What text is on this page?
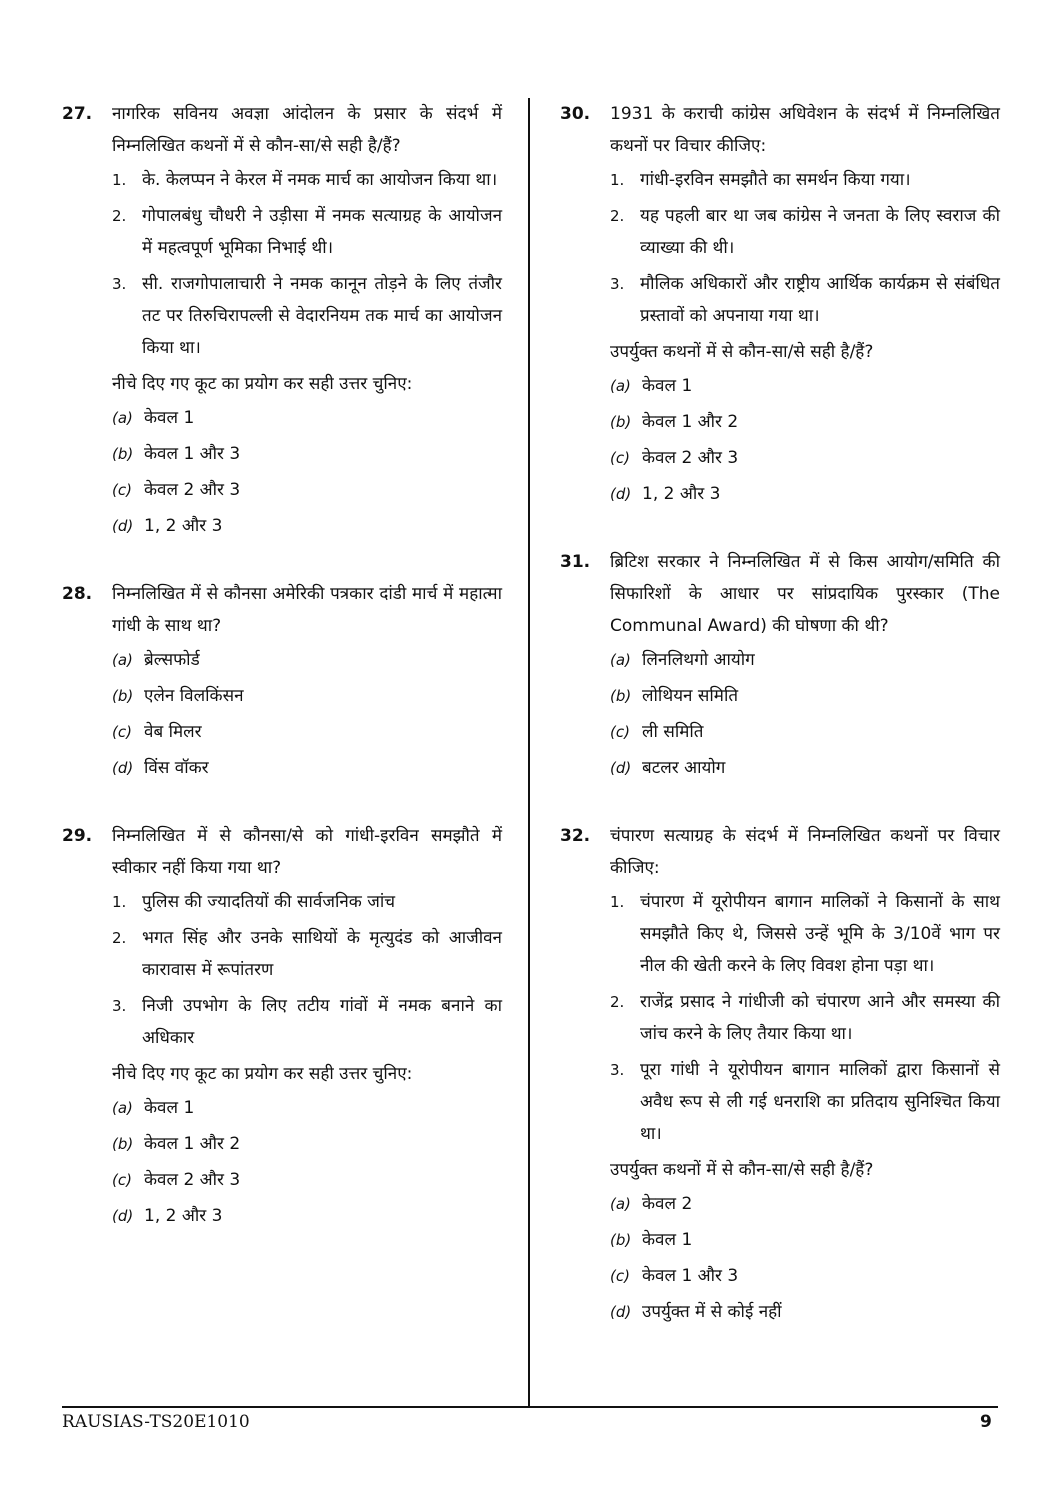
27. नागरिक सविनय अवज्ञा आंदोलन के प्रसार के संदर्भ में निम्नलिखित कथनों में से कौन-सा/से सही है/हैं?
1. के. केलप्पन ने केरल में नमक मार्च का आयोजन किया था।
2. गोपालबंधु चौधरी ने उड़ीसा में नमक सत्याग्रह के आयोजन में महत्वपूर्ण भूमिका निभाई थी।
3. सी. राजगोपालाचारी ने नमक कानून तोड़ने के लिए तंजौर तट पर तिरुचिरापल्ली से वेदारनियम तक मार्च का आयोजन किया था।
नीचे दिए गए कूट का प्रयोग कर सही उत्तर चुनिए:
(a) केवल 1
(b) केवल 1 और 3
(c) केवल 2 और 3
(d) 1, 2 और 3
28. निम्नलिखित में से कौनसा अमेरिकी पत्रकार दांडी मार्च में महात्मा गांधी के साथ था?
(a) ब्रेल्सफोर्ड
(b) एलेन विलकिंसन
(c) वेब मिलर
(d) विंस वॉकर
29. निम्नलिखित में से कौनसा/से को गांधी-इरविन समझौते में स्वीकार नहीं किया गया था?
1. पुलिस की ज्यादतियों की सार्वजनिक जांच
2. भगत सिंह और उनके साथियों के मृत्युदंड को आजीवन कारावास में रूपांतरण
3. निजी उपभोग के लिए तटीय गांवों में नमक बनाने का अधिकार
नीचे दिए गए कूट का प्रयोग कर सही उत्तर चुनिए:
(a) केवल 1
(b) केवल 1 और 2
(c) केवल 2 और 3
(d) 1, 2 और 3
30. 1931 के कराची कांग्रेस अधिवेशन के संदर्भ में निम्नलिखित कथनों पर विचार कीजिए:
1. गांधी-इरविन समझौते का समर्थन किया गया।
2. यह पहली बार था जब कांग्रेस ने जनता के लिए स्वराज की व्याख्या की थी।
3. मौलिक अधिकारों और राष्ट्रीय आर्थिक कार्यक्रम से संबंधित प्रस्तावों को अपनाया गया था।
उपर्युक्त कथनों में से कौन-सा/से सही है/हैं?
(a) केवल 1
(b) केवल 1 और 2
(c) केवल 2 और 3
(d) 1, 2 और 3
31. ब्रिटिश सरकार ने निम्नलिखित में से किस आयोग/समिति की सिफारिशों के आधार पर सांप्रदायिक पुरस्कार (The Communal Award) की घोषणा की थी?
(a) लिनलिथगो आयोग
(b) लोथियन समिति
(c) ली समिति
(d) बटलर आयोग
32. चंपारण सत्याग्रह के संदर्भ में निम्नलिखित कथनों पर विचार कीजिए:
1. चंपारण में यूरोपीयन बागान मालिकों ने किसानों के साथ समझौते किए थे, जिससे उन्हें भूमि के 3/10वें भाग पर नील की खेती करने के लिए विवश होना पड़ा था।
2. राजेंद्र प्रसाद ने गांधीजी को चंपारण आने और समस्या की जांच करने के लिए तैयार किया था।
3. पूरा गांधी ने यूरोपीयन बागान मालिकों द्वारा किसानों से अवैध रूप से ली गई धनराशि का प्रतिदाय सुनिश्चित किया था।
उपर्युक्त कथनों में से कौन-सा/से सही है/हैं?
(a) केवल 2
(b) केवल 1
(c) केवल 1 और 3
(d) उपर्युक्त में से कोई नहीं
RAUSIAS-TS20E1010	9
